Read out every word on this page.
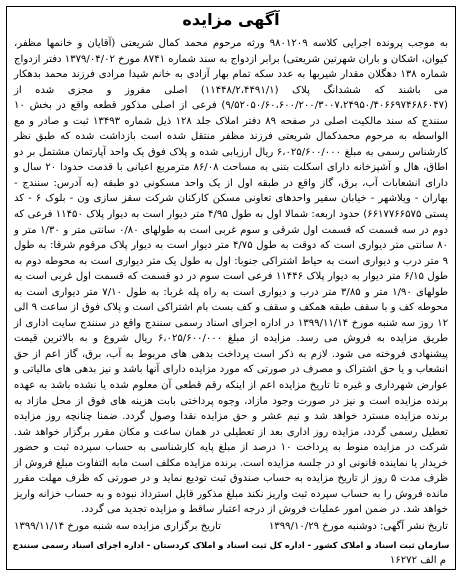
آگهی مزایده

به موجب پرونده اجرایی کلاسه ۹۸۰۱۲۰۹ ورثه مرحوم محمد کمال شریعتی (آقایان و خانمها مظفر، کیوان، اشکان و باران شهرتین شریعتی) برابر ازدواج به سند شماره ۸۷۴۱ مورخ ۱۳۷۹/۰۴/۰۲ دفتر ازدواج شماره ۱۳۸ دهگلان مقدار شیربها به عدد سکه تمام بهار آزادی به خانم شیدا مرادی فرزند محمد بدهکار می باشند که ششدانگ پلاک (۱۱۴۴۸/۲،۴۴۹۱/۱) اصلی مفروز و مجزی شده از (۹/۵۲۰۵۰/۶۰،۶۰۰/۲۰۰/۳۰۰۷،۲۴۹۵۰/۴۰۶۶۹۷۴۶۸۶۰۴۷) فرعی از اصلی مذکور قطعه واقع در بخش ۱۰ سنندج که سند مالکیت اصلی در صفحه ۸۹ دفتر املاک جلد ۱۲۸ ذیل شماره ۱۳۴۹۳ ثبت و صادر و مع الواسطه به مرحوم محمدکمال شریعتی فرزند مظفر منتقل شده است بازداشت شده که طبق نظر کارشناس رسمی به مبلغ ۶،۰۲۵/۶۰۰/۰۰۰ ریال ارزیابی شده و پلاک فوق یک واحد آپارتمان مشتمل بر دو اطاق، هال و آشپزخانه دارای اسکلت بتنی به مساحت ۸۶/۰۸ مترمربع اعیانی با قدمت حدودا ۲۰ سال و دارای انشعابات آب، برق، گاز واقع در طبقه اول از یک واحد مسکونی دو طبقه (به آدرس: سنندج - بهاران - ویلاشهر - خیابان سفیر واحدهای تعاونی مسکن کارکنان شرکت سقز سازی ون - بلوک ۶ - کد پستی ۶۶۱۷۷۶۶۵۷۵) حدود اربعه: شمالا اول به طول ۴/۹۵ متر دیوار است به دیوار پلاک ۱۱۴۵۰ فرعی که دوم در سه قسمت که قسمت اول شرقی و سوم غربی است به طولهای ۰/۸۰ سانتی متر و ۱/۳۰ متر و ۸۰ سانتی متر دیواری است که دوقت به طول ۴/۷۵ متر دیوار است به دیوار پلاک مرقوم شرقا: به طول ۹ متر درب و دیواری است به حیاط اشتراکی جنوبا: اول به طول یک متر دیواری است به محوطه دوم به طول ۶/۱۵ متر دیوار به دیوار پلاک ۱۱۴۴۶ فرعی است سوم در دو قسمت که قسمت اول غربی است به طولهای ۱/۹۰ متر و ۳/۸۵ متر درب و دیواری است به راه پله غربا: به طول ۷/۱۰ متر دیواری است به محوطه کف و با سقف طبقه همکف و سقف و کف بست بام اشتراکی است و پلاک فوق از ساعت ۹ الی ۱۲ روز سه شنبه مورخ ۱۳۹۹/۱۱/۱۴ در اداره اجرای اسناد رسمی سنندج واقع در سنندج سایت اداری از طریق مزایده به فروش می رسد. مزایده از مبلغ ۶،۰۲۵/۶۰۰/۰۰۰ ریال شروع و به بالاترین قیمت پیشنهادی فروخته می شود. لازم به ذکر است پرداخت بدهی های مربوط به آب، برق، گاز اعم از حق انشعاب و یا حق اشتراک و مصرف در صورتی که مورد مزایده دارای آنها باشد و نیز بدهی های مالیاتی و عوارض شهرداری و غیره تا تاریخ مزایده اعم از اینکه رقم قطعی آن معلوم شده یا نشده باشد به عهده برنده مزایده است و نیز در صورت وجود مازاد، وجوه پرداختی بابت هزینه های فوق از محل مازاد به برنده مزایده مسترد خواهد شد و نیم عشر و حق مزایده نقدا وصول گردد. ضمنا چنانچه روز مزایده تعطیل رسمی گردد، مزایده روز اداری بعد از تعطیلی در همان ساعت و مکان مقرر برگزار خواهد شد. شرکت در مزایده منوط به پرداخت ۱۰ درصد از مبلغ پایه کارشناسی به حساب سپرده ثبت و حضور خریدار یا نماینده قانونی او در جلسه مزایده است. برنده مزایده مکلف است مابه التفاوت مبلغ فروش از ظرف مدت ۵ روز از تاریخ مزایده به حساب صندوق ثبت تودیع نماید و در صورتی که ظرف مهلت مقرر مانده فروش را به حساب سپرده ثبت واریز نکند مبلغ مذکور قابل استرداد نبوده و به حساب خزانه واریز خواهد شد. در ضمن امور عملیات فروش از درجه اعتبار ساقط و مزایده تجدید می گردد.

تاریخ نشر آگهی: دوشنبه مورخ ۱۳۹۹/۱۰/۲۹
تاریخ برگزاری مزایده سه شنبه مورخ ۱۳۹۹/۱۱/۱۴
سازمان ثبت اسناد و املاک کشور - اداره کل ثبت اسناد و املاک کردستان - اداره اجرای اسناد رسمی سنندج
م الف ۱۶۲۷۲
